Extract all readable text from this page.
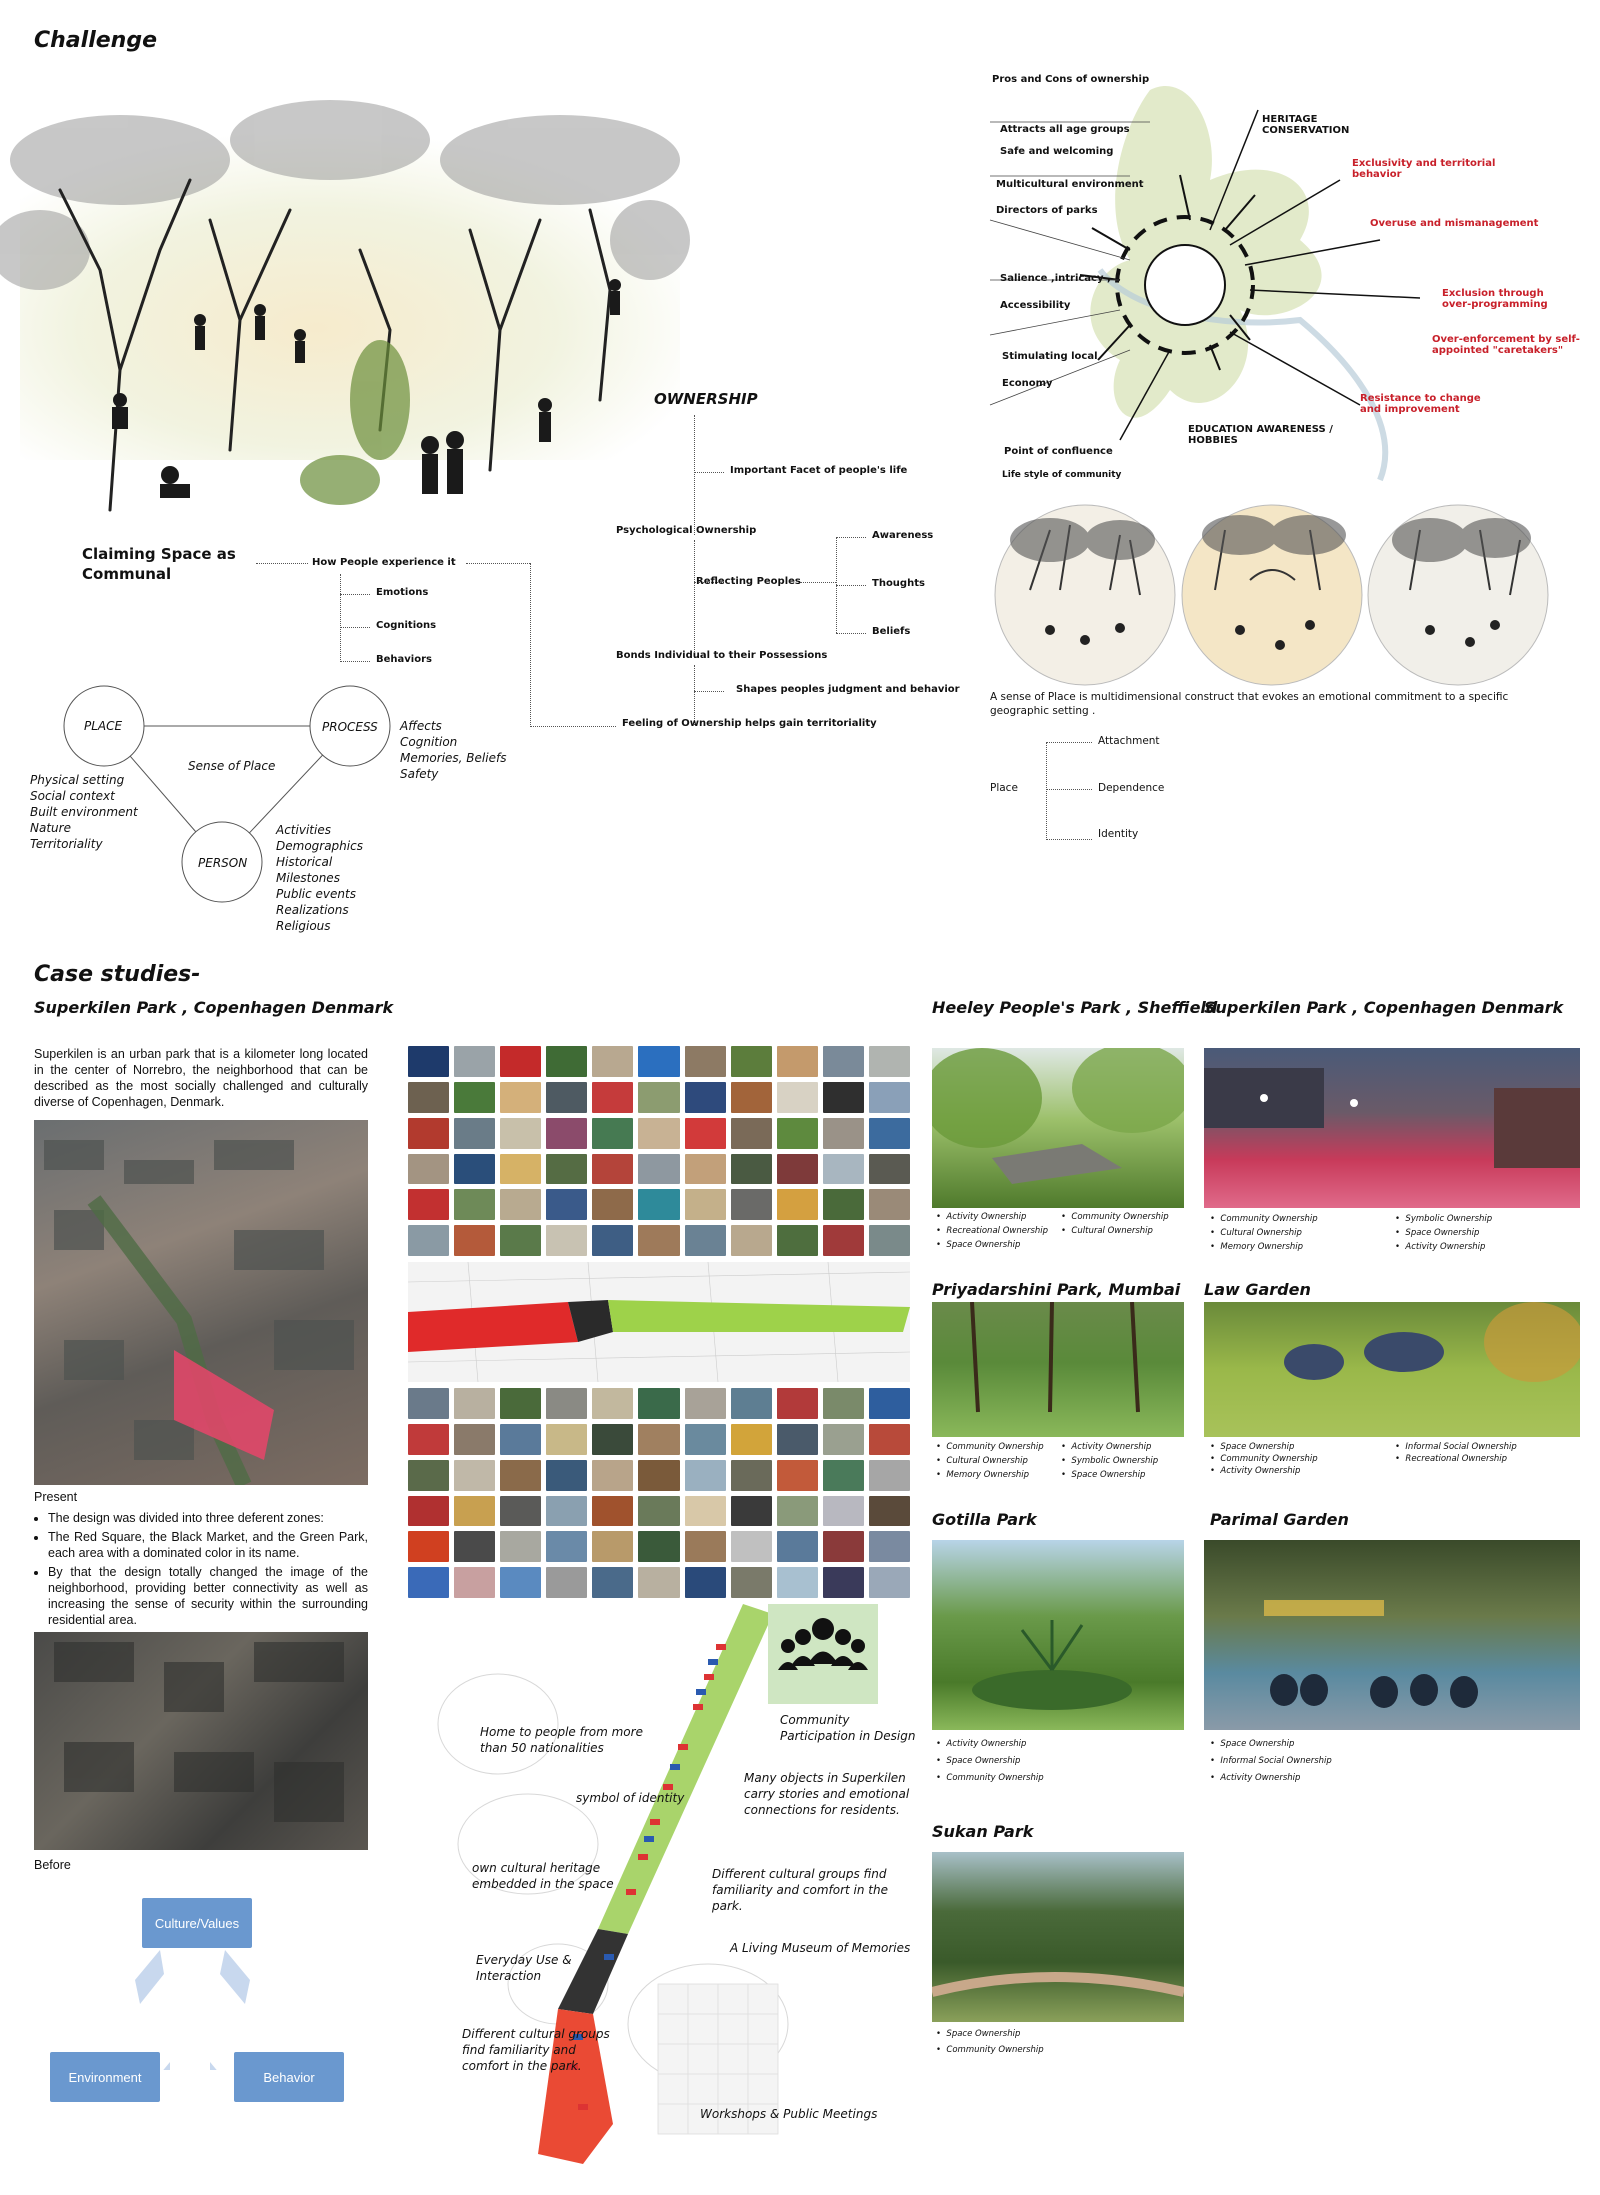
Challenge
OWNERSHIP
Important Facet of people's life
Psychological Ownership
Reflecting Peoples
Awareness
Thoughts
Beliefs
Bonds Individual to their Possessions
Shapes peoples judgment and behavior
Feeling of Ownership helps gain territoriality
Claiming Space as Communal
How People experience it
Emotions
Cognitions
Behaviors
PLACE	PROCESS
PERSON
Sense of Place
Physical setting
Social context
Built environment
Nature
Territoriality
Affects
Cognition
Memories, Beliefs
Safety
Activities
Demographics
Historical
Milestones
Public events
Realizations
Religious
Pros and Cons of ownership
HERITAGE CONSERVATION
EDUCATION AWARENESS / HOBBIES
Attracts all age groups
Safe and welcoming
Multicultural environment
Directors of parks
Salience ,intricacy ,
Accessibility
Stimulating local
Economy
Point of confluence
Life style of community
Exclusivity and territorial behavior
Overuse and mismanagement
Exclusion through over-programming
Over-enforcement by self-appointed "caretakers"
Resistance to change and improvement
A sense of Place is multidimensional construct that evokes an emotional commitment to a specific geographic setting .
Place
Attachment
Dependence
Identity
Case studies-
Superkilen Park , Copenhagen Denmark
Superkilen is an urban park that is a kilometer long located in the center of Norrebro, the neighborhood that can be described as the most socially challenged and culturally diverse of Copenhagen, Denmark.
Present
• The design was divided into three deferent zones:
• The Red Square, the Black Market, and the Green Park, each area with a dominated color in its name.
• By that the design totally changed the image of the neighborhood, providing better connectivity as well as increasing the sense of security within the surrounding residential area.
Before
Culture/Values
Environment	Behavior
Community Participation in Design
Home to people from more than 50 nationalities
symbol of identity
Many objects in Superkilen carry stories and emotional connections for residents.
own cultural heritage embedded in the space
Different cultural groups find familiarity and comfort in the park.
A Living Museum of Memories
Everyday Use & Interaction
Different cultural groups find familiarity and comfort in the park.
Workshops & Public Meetings
Heeley People's Park , Sheffield
•  Activity Ownership	•  Community Ownership
•  Recreational Ownership	•  Cultural Ownership
•  Space Ownership
Superkilen Park , Copenhagen Denmark
•  Community Ownership	•  Symbolic Ownership
•  Cultural Ownership	•  Space Ownership
•  Memory Ownership	•  Activity Ownership
Priyadarshini Park, Mumbai
•  Community Ownership	•  Activity Ownership
•  Cultural Ownership	•  Symbolic Ownership
•  Memory Ownership	•  Space Ownership
Law Garden
•  Space Ownership	•  Informal Social Ownership
•  Community Ownership	•  Recreational Ownership
•  Activity Ownership
Gotilla Park
•  Activity Ownership
•  Space Ownership
•  Community Ownership
Parimal Garden
•  Space Ownership
•  Informal Social Ownership
•  Activity Ownership
Sukan Park
•  Space Ownership
•  Community Ownership
